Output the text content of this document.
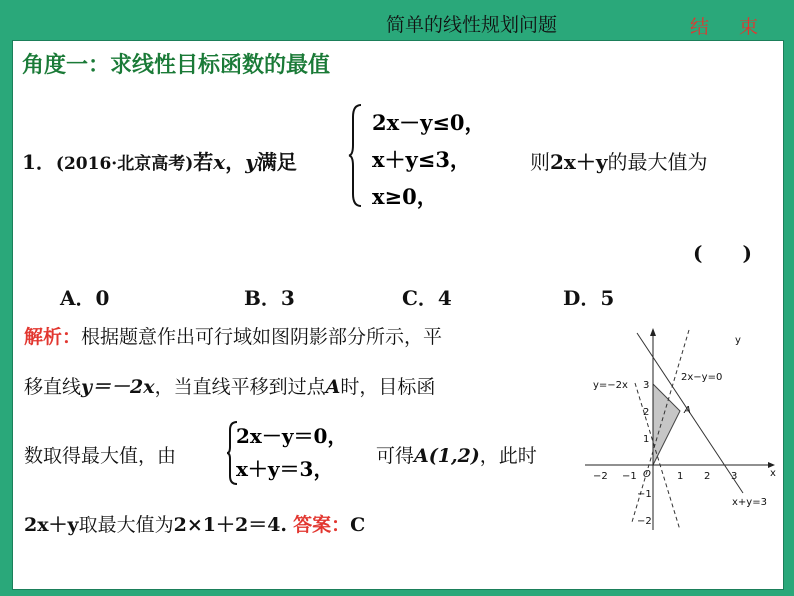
简单的线性规划问题	结 束
角度一：求线性目标函数的最值
1．(2016·北京高考)若x，y满足
2x－y≤0，
x＋y≤3，
x≥0，
则2x＋y的最大值为
(　　)
A．0	B．3	C．4	D．5
解析：根据题意作出可行域如图阴影部分所示，平
移直线y＝－2x，当直线平移到过点A时，目标函
数取得最大值，由
2x－y＝0，
x＋y＝3，
可得A(1,2)，此时
2x＋y取最大值为2×1＋2＝4. 答案：C
y
x
O
−2 −1	1 2 3
3
2
1
−1
−2
2x−y=0
y=−2x
x+y=3
A
